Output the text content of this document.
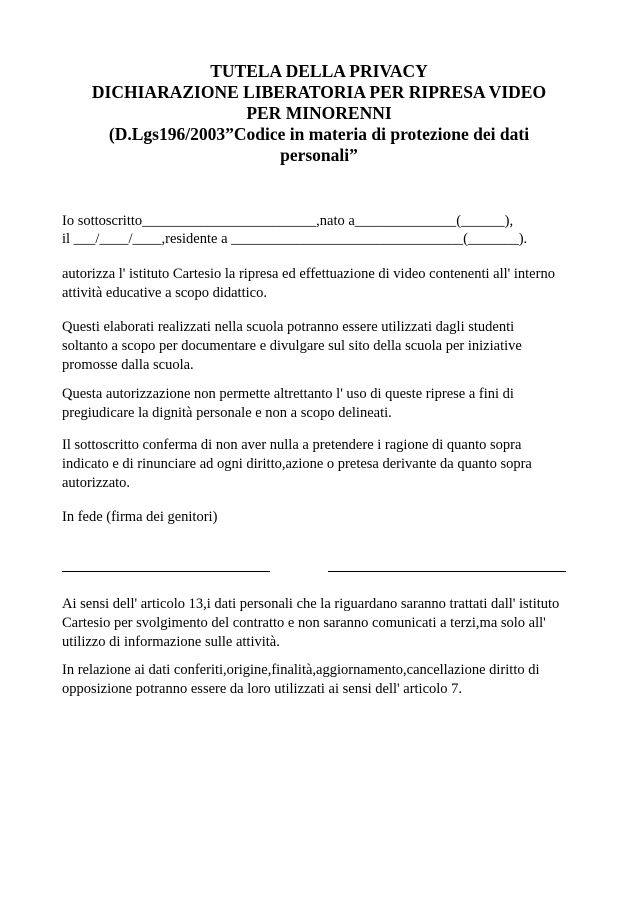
TUTELA DELLA PRIVACY
DICHIARAZIONE LIBERATORIA PER RIPRESA VIDEO
PER MINORENNI
(D.Lgs196/2003”Codice in materia di protezione dei dati
personali”
Io sottoscritto________________________,nato a______________(______),
il ___/____/____,residente a ________________________________(_______).
autorizza l' istituto Cartesio la ripresa ed effettuazione di video contenenti all' interno
attività educative a scopo didattico.
Questi elaborati realizzati nella scuola potranno essere utilizzati dagli studenti
soltanto a scopo per documentare e divulgare sul sito della scuola per iniziative
promosse dalla scuola.
Questa autorizzazione non permette altrettanto l' uso di queste riprese a fini di
pregiudicare la dignità personale e non a scopo delineati.
Il sottoscritto conferma di non aver nulla a pretendere i ragione di quanto sopra
indicato e di rinunciare ad ogni diritto,azione o pretesa derivante da quanto sopra
autorizzato.
In fede (firma dei genitori)
Ai sensi dell' articolo 13,i dati personali che la riguardano saranno trattati dall' istituto
Cartesio per svolgimento del contratto e non saranno comunicati a terzi,ma solo all'
utilizzo di informazione sulle attività.
In relazione ai dati conferiti,origine,finalità,aggiornamento,cancellazione diritto di
opposizione potranno essere da loro utilizzati ai sensi dell' articolo 7.
